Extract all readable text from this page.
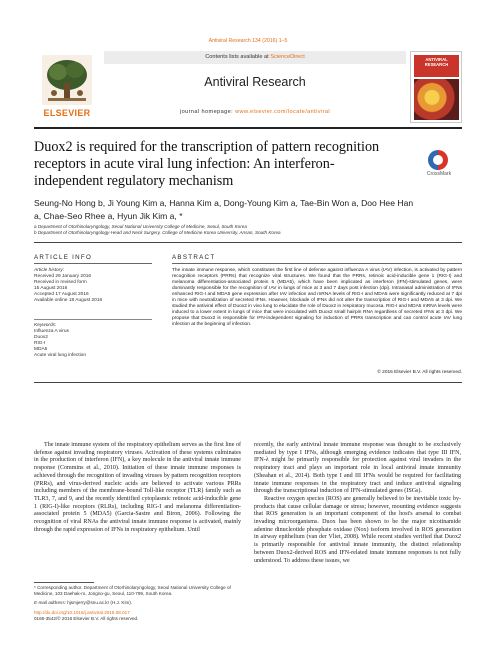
Antiviral Research 134 (2016) 1–5
ELSEVIER
Contents lists available at ScienceDirect
Antiviral Research
journal homepage: www.elsevier.com/locate/antiviral
ANTIVIRAL RESEARCH
Duox2 is required for the transcription of pattern recognition receptors in acute viral lung infection: An interferon-independent regulatory mechanism	CrossMark
Seung-No Hong b, Ji Young Kim a, Hanna Kim a, Dong-Young Kim a, Tae-Bin Won a, Doo Hee Han a, Chae-Seo Rhee a, Hyun Jik Kim a, *
a Department of Otorhinolaryngology, Seoul National University College of Medicine, Seoul, South Korea
b Department of Otorhinolaryngology-Head and Neck Surgery, College of Medicine Korea University, Ansan, South Korea
ARTICLE INFO	ABSTRACT
Article history:
Received 29 January 2016
Received in revised form
15 August 2016
Accepted 17 August 2016
Available online 18 August 2016
Keywords:
Influenza A virus
Duox2
RIG-I
MDA5
Acute viral lung infection
The innate immune response, which constitutes the first line of defense against influenza A virus (IAV) infection, is activated by pattern recognition receptors (PRRs) that recognize viral structures. We found that the PRRs, retinoic acid-inducible gene 1 (RIG-I) and melanoma differentiation-associated protein 5 (MDA5), which have been implicated as interferon (IFN)-stimulated genes, were dominantly responsible for the recognition of IAV in lungs of mice at 3 and 7 days post infection (dpi). Intranasal administration of IFNs enhanced RIG-I and MDA5 gene expression after IAV infection and mRNA levels of RIG-I and MDA5 were significantly reduced at 7 dpi in mice with neutralization of secreted IFNs. However, blockade of IFNs did not alter the transcription of RIG-I and MDA5 at 3 dpi. We studied the antiviral effect of Duox2 in vivo lung to elucidate the role of Duox2 in respiratory mucosa. RIG-I and MDA5 mRNA levels were induced to a lower extent in lungs of mice that were inoculated with Duox2 small hairpin RNA regardless of secreted IFNs at 3 dpi. We propose that Duox2 is responsible for IFN-independent signaling for induction of PRRs transcription and can control acute IAV lung infection at the beginning of infection.
© 2016 Elsevier B.V. All rights reserved.

The innate immune system of the respiratory epithelium serves as the first line of defense against invading respiratory viruses. Activation of these systems culminates in the production of interferon (IFN), a key molecule in the antiviral innate immune response (Commins et al., 2010). Initiation of these innate immune responses is achieved through the recognition of invading viruses by pattern recognition receptors (PRRs), and virus-derived nucleic acids are believed to activate various PRRs including members of the membrane-bound Toll-like receptor (TLR) family such as TLR3, 7, and 9, and the recently identified cytoplasmic retinoic acid-inducible gene 1 (RIG-I)-like receptors (RLRs), including RIG-I and melanoma differentiation-associated protein 5 (MDA5) (Garcia-Sastre and Biron, 2006). Following the recognition of viral RNAs the antiviral innate immune response is activated, mainly through the rapid expression of IFNs in respiratory epithelium. Until

recently, the early antiviral innate immune response was thought to be exclusively mediated by type I IFNs, although emerging evidence indicates that type III IFN, IFN-λ might be primarily responsible for protection against viral invaders in the respiratory tract and plays an important role in local antiviral innate immunity (Sheahan et al., 2014). Both type I and III IFNs would be required for facilitating innate immune responses in the respiratory tract and induce antiviral signaling through the transcriptional induction of IFN-stimulated genes (ISGs).

Reactive oxygen species (ROS) are generally believed to be inevitable toxic by-products that cause cellular damage or stress; however, mounting evidence suggests that ROS generation is an important component of the host's arsenal to combat invading microorganisms. Duox has been shown to be the major nicotinamide adenine dinucleotide phosphate oxidase (Nox) isoform involved in ROS generation in airway epithelium (van der Vliet, 2008). While recent studies verified that Duox2 is primarily responsible for antiviral innate immunity, the distinct relationship between Duox2-derived ROS and IFN-related innate immune responses is not fully understood. To address these issues, we

* Corresponding author. Department of Otorhinolaryngology, Seoul National University College of Medicine, 103 Daehak-ro, Jongno-gu, Seoul, 110-799, South Korea.
E-mail address: hjsmjerry@snu.ac.kr (H.J. Kim).
http://dx.doi.org/10.1016/j.antiviral.2016.08.017
0166-3542/© 2016 Elsevier B.V. All rights reserved.
